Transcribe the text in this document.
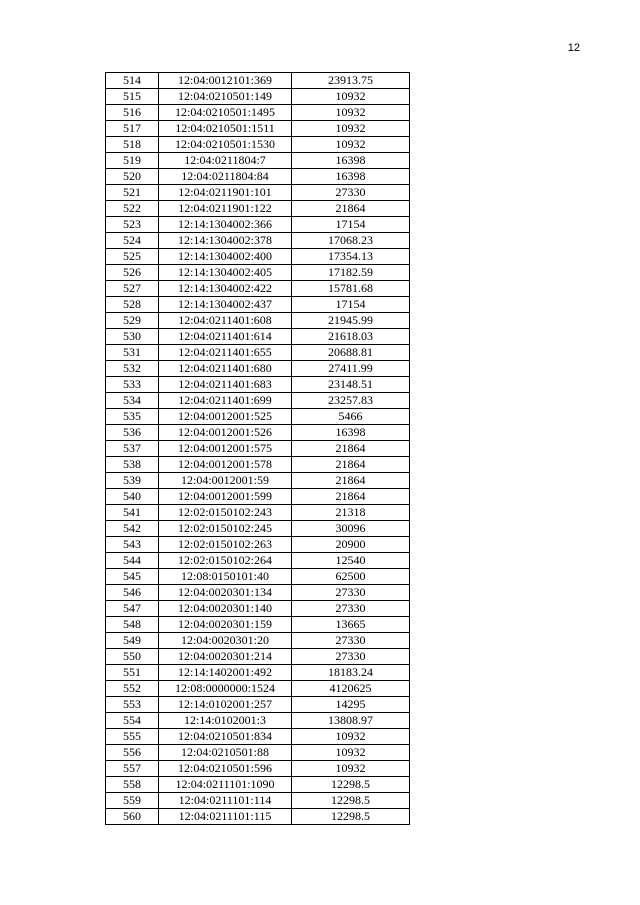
12
514	12:04:0012101:369	23913.75
515	12:04:0210501:149	10932
516	12:04:0210501:1495	10932
517	12:04:0210501:1511	10932
518	12:04:0210501:1530	10932
519	12:04:0211804:7	16398
520	12:04:0211804:84	16398
521	12:04:0211901:101	27330
522	12:04:0211901:122	21864
523	12:14:1304002:366	17154
524	12:14:1304002:378	17068.23
525	12:14:1304002:400	17354.13
526	12:14:1304002:405	17182.59
527	12:14:1304002:422	15781.68
528	12:14:1304002:437	17154
529	12:04:0211401:608	21945.99
530	12:04:0211401:614	21618.03
531	12:04:0211401:655	20688.81
532	12:04:0211401:680	27411.99
533	12:04:0211401:683	23148.51
534	12:04:0211401:699	23257.83
535	12:04:0012001:525	5466
536	12:04:0012001:526	16398
537	12:04:0012001:575	21864
538	12:04:0012001:578	21864
539	12:04:0012001:59	21864
540	12:04:0012001:599	21864
541	12:02:0150102:243	21318
542	12:02:0150102:245	30096
543	12:02:0150102:263	20900
544	12:02:0150102:264	12540
545	12:08:0150101:40	62500
546	12:04:0020301:134	27330
547	12:04:0020301:140	27330
548	12:04:0020301:159	13665
549	12:04:0020301:20	27330
550	12:04:0020301:214	27330
551	12:14:1402001:492	18183.24
552	12:08:0000000:1524	4120625
553	12:14:0102001:257	14295
554	12:14:0102001:3	13808.97
555	12:04:0210501:834	10932
556	12:04:0210501:88	10932
557	12:04:0210501:596	10932
558	12:04:0211101:1090	12298.5
559	12:04:0211101:114	12298.5
560	12:04:0211101:115	12298.5
